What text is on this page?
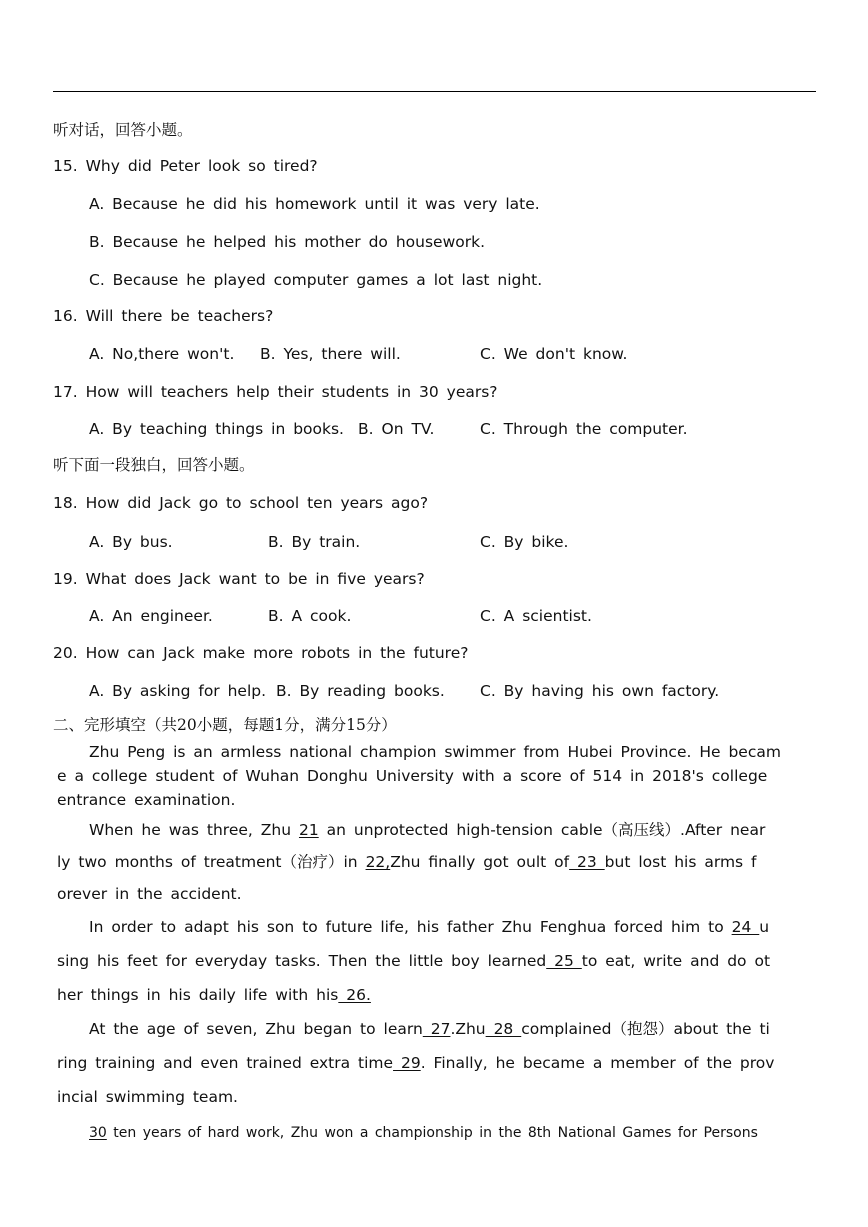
听对话，回答小题。
15. Why did Peter look so tired?
A. Because he did his homework until it was very late.
B. Because he helped his mother do housework.
C. Because he played computer games a lot last night.
16. Will there be teachers?
A. No,there won't. B. Yes, there will.	C. We don't know.
17. How will teachers help their students in 30 years?
A. By teaching things in books. B. On TV.	C. Through the computer.
听下面一段独白，回答小题。
18. How did Jack go to school ten years ago?
A. By bus.	B. By train.	C. By bike.
19. What does Jack want to be in five years?
A. An engineer.	B. A cook.	C. A scientist.
20. How can Jack make more robots in the future?
A. By asking for help. B. By reading books. C. By having his own factory.
二、完形填空（共20小题，每题1分，满分15分）
Zhu Peng is an armless national champion swimmer from Hubei Province. He becam
e a college student of Wuhan Donghu University with a score of 514 in 2018's college
entrance examination.
When he was three, Zhu 21 an unprotected high-tension cable（高压线）.After near
ly two months of treatment（治疗）in 22,Zhu finally got oult of 23 but lost his arms f
orever in the accident.
In order to adapt his son to future life, his father Zhu Fenghua forced him to 24 u
sing his feet for everyday tasks. Then the little boy learned 25 to eat, write and do ot
her things in his daily life with his 26.
At the age of seven, Zhu began to learn 27.Zhu 28 complained（抱怨）about the ti
ring training and even trained extra time 29. Finally, he became a member of the prov
incial swimming team.
30 ten years of hard work, Zhu won a championship in the 8th National Games for Persons
